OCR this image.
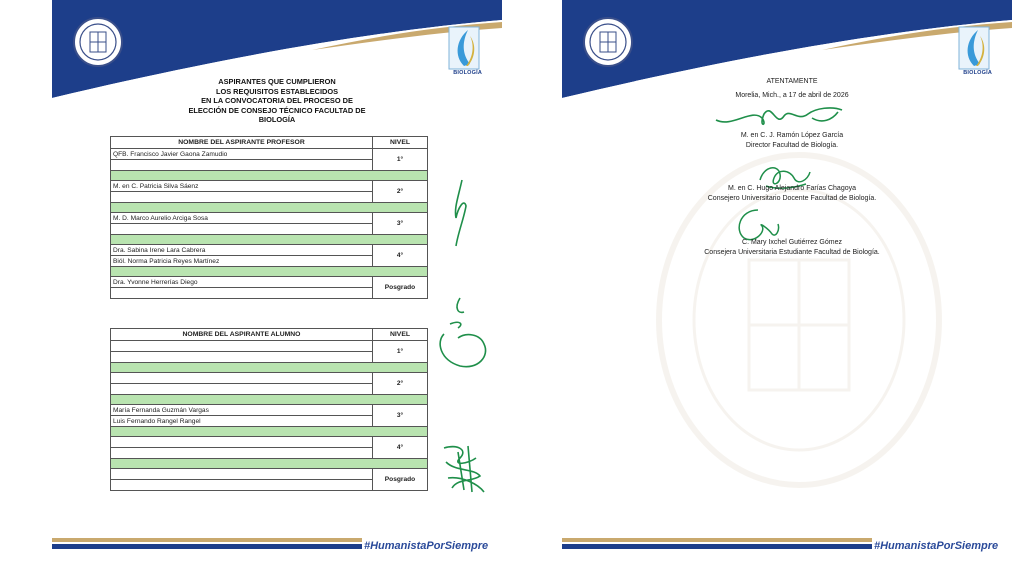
BIOLOGÍA
ASPIRANTES QUE CUMPLIERON
LOS REQUISITOS ESTABLECIDOS
EN LA CONVOCATORIA DEL PROCESO DE
ELECCIÓN DE CONSEJO TÉCNICO FACULTAD DE
BIOLOGÍA
NOMBRE DEL ASPIRANTE PROFESOR	NIVEL
QFB. Francisco Javier Gaona Zamudio	1°

M. en C. Patricia Silva Sáenz	2°

M. D. Marco Aurelio Arciga Sosa	3°

Dra. Sabina Irene Lara Cabrera	4°
Biól. Norma Patricia Reyes Martínez	

Dra. Yvonne Herrerías Diego	Posgrado

NOMBRE DEL ASPIRANTE ALUMNO	NIVEL
	1°

	2°

María Fernanda Guzmán Vargas	3°
Luis Fernando Rangel Rangel	

	4°

	Posgrado

#HumanistaPorSiempre
BIOLOGÍA
ATENTAMENTE
Morelia, Mich., a 17 de abril de 2026
M. en C. J. Ramón López García
Director Facultad de Biología.
M. en C. Hugo Alejandro Farías Chagoya
Consejero Universitario Docente Facultad de Biología.
C. Mary Ixchel Gutiérrez Gómez
Consejera Universitaria Estudiante Facultad de Biología.
#HumanistaPorSiempre
